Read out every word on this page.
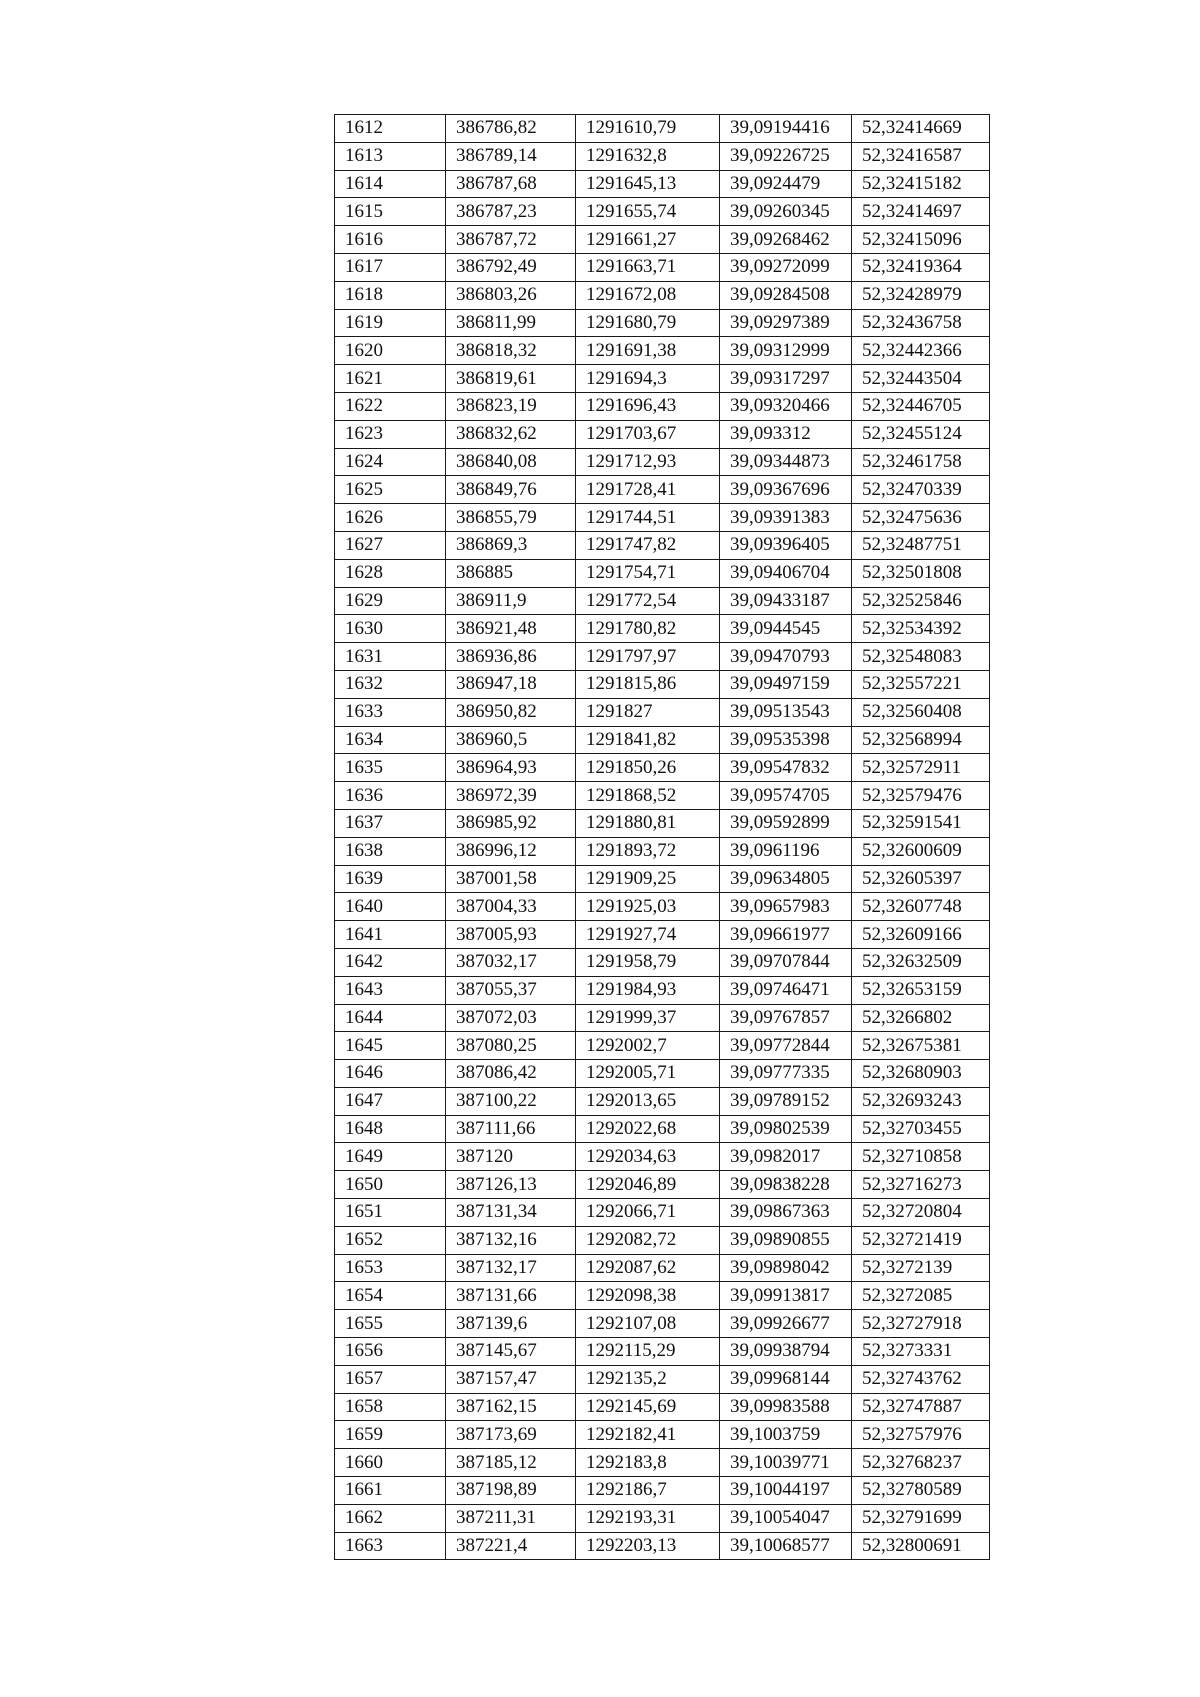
1612	386786,82	1291610,79	39,09194416	52,32414669
1613	386789,14	1291632,8	39,09226725	52,32416587
1614	386787,68	1291645,13	39,0924479	52,32415182
1615	386787,23	1291655,74	39,09260345	52,32414697
1616	386787,72	1291661,27	39,09268462	52,32415096
1617	386792,49	1291663,71	39,09272099	52,32419364
1618	386803,26	1291672,08	39,09284508	52,32428979
1619	386811,99	1291680,79	39,09297389	52,32436758
1620	386818,32	1291691,38	39,09312999	52,32442366
1621	386819,61	1291694,3	39,09317297	52,32443504
1622	386823,19	1291696,43	39,09320466	52,32446705
1623	386832,62	1291703,67	39,093312	52,32455124
1624	386840,08	1291712,93	39,09344873	52,32461758
1625	386849,76	1291728,41	39,09367696	52,32470339
1626	386855,79	1291744,51	39,09391383	52,32475636
1627	386869,3	1291747,82	39,09396405	52,32487751
1628	386885	1291754,71	39,09406704	52,32501808
1629	386911,9	1291772,54	39,09433187	52,32525846
1630	386921,48	1291780,82	39,0944545	52,32534392
1631	386936,86	1291797,97	39,09470793	52,32548083
1632	386947,18	1291815,86	39,09497159	52,32557221
1633	386950,82	1291827	39,09513543	52,32560408
1634	386960,5	1291841,82	39,09535398	52,32568994
1635	386964,93	1291850,26	39,09547832	52,32572911
1636	386972,39	1291868,52	39,09574705	52,32579476
1637	386985,92	1291880,81	39,09592899	52,32591541
1638	386996,12	1291893,72	39,0961196	52,32600609
1639	387001,58	1291909,25	39,09634805	52,32605397
1640	387004,33	1291925,03	39,09657983	52,32607748
1641	387005,93	1291927,74	39,09661977	52,32609166
1642	387032,17	1291958,79	39,09707844	52,32632509
1643	387055,37	1291984,93	39,09746471	52,32653159
1644	387072,03	1291999,37	39,09767857	52,3266802
1645	387080,25	1292002,7	39,09772844	52,32675381
1646	387086,42	1292005,71	39,09777335	52,32680903
1647	387100,22	1292013,65	39,09789152	52,32693243
1648	387111,66	1292022,68	39,09802539	52,32703455
1649	387120	1292034,63	39,0982017	52,32710858
1650	387126,13	1292046,89	39,09838228	52,32716273
1651	387131,34	1292066,71	39,09867363	52,32720804
1652	387132,16	1292082,72	39,09890855	52,32721419
1653	387132,17	1292087,62	39,09898042	52,3272139
1654	387131,66	1292098,38	39,09913817	52,3272085
1655	387139,6	1292107,08	39,09926677	52,32727918
1656	387145,67	1292115,29	39,09938794	52,3273331
1657	387157,47	1292135,2	39,09968144	52,32743762
1658	387162,15	1292145,69	39,09983588	52,32747887
1659	387173,69	1292182,41	39,1003759	52,32757976
1660	387185,12	1292183,8	39,10039771	52,32768237
1661	387198,89	1292186,7	39,10044197	52,32780589
1662	387211,31	1292193,31	39,10054047	52,32791699
1663	387221,4	1292203,13	39,10068577	52,32800691
